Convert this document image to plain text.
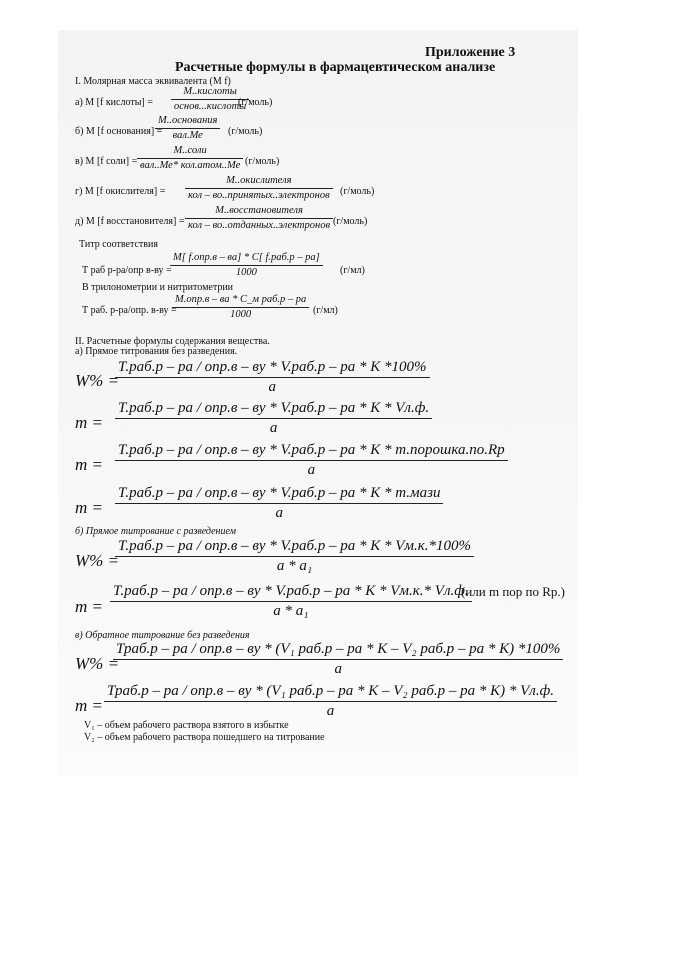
Приложение 3
Расчетные формулы в фармацевтическом анализе
I. Молярная масса эквивалента (М f)
а) М [f кислоты] =
М..кислоты
основ...кислоты
(г/моль)
б) М [f основания] =
М..основания
вал.Ме	(г/моль)
в) М [f соли] =
М..соли
вал..Ме* кол.атом..Ме (г/моль)
г) М [f окислителя] =
М..окислителя
кол – во..принятых..электронов	(г/моль)
д) М [f восстановителя] =
М..восстановителя
кол – во..отданных..электронов (г/моль)
Титр соответствия
Т раб р-ра/опр в-ву =
M[ f.опр.в – ва] * C[ f.раб.р – ра]
1000	(г/мл)
В трилонометрии и нитритометрии
Т раб. р-ра/опр. в-ву =
М.опр.в – ва * C_м раб.р – ра
1000	(г/мл)
II. Расчетные формулы содержания вещества.
а) Прямое титрования без разведения.
W% =
Т.раб.р – ра / опр.в – ву * V.раб.р – ра * К *100%
а
m =
Т.раб.р – ра / опр.в – ву * V.раб.р – ра * К * Vл.ф.
а
m =
Т.раб.р – ра / опр.в – ву * V.раб.р – ра * К * т.порошка.по.Rp
а
m =
Т.раб.р – ра / опр.в – ву * V.раб.р – ра * К * т.мази
а
б) Прямое титрование с разведением
W% =
Т.раб.р – ра / опр.в – ву * V.раб.р – ра * К * Vм.к.*100%
а * а₁
m =
Т.раб.р – ра / опр.в – ву * V.раб.р – ра * К * Vм.к.* Vл.ф.
а * а₁
(или m пор по Rp.)
в) Обратное титрование без разведения
W% =
Траб.р – ра / опр.в – ву * (V₁ раб.р – ра * К – V₂ раб.р – ра * К) *100%
а
m =
Траб.р – ра / опр.в – ву * (V₁ раб.р – ра * К – V₂ раб.р – ра * К) * Vл.ф.
а
V₁ – объем рабочего раствора взятого в избытке
V₂ – объем рабочего раствора пошедшего на титрование
